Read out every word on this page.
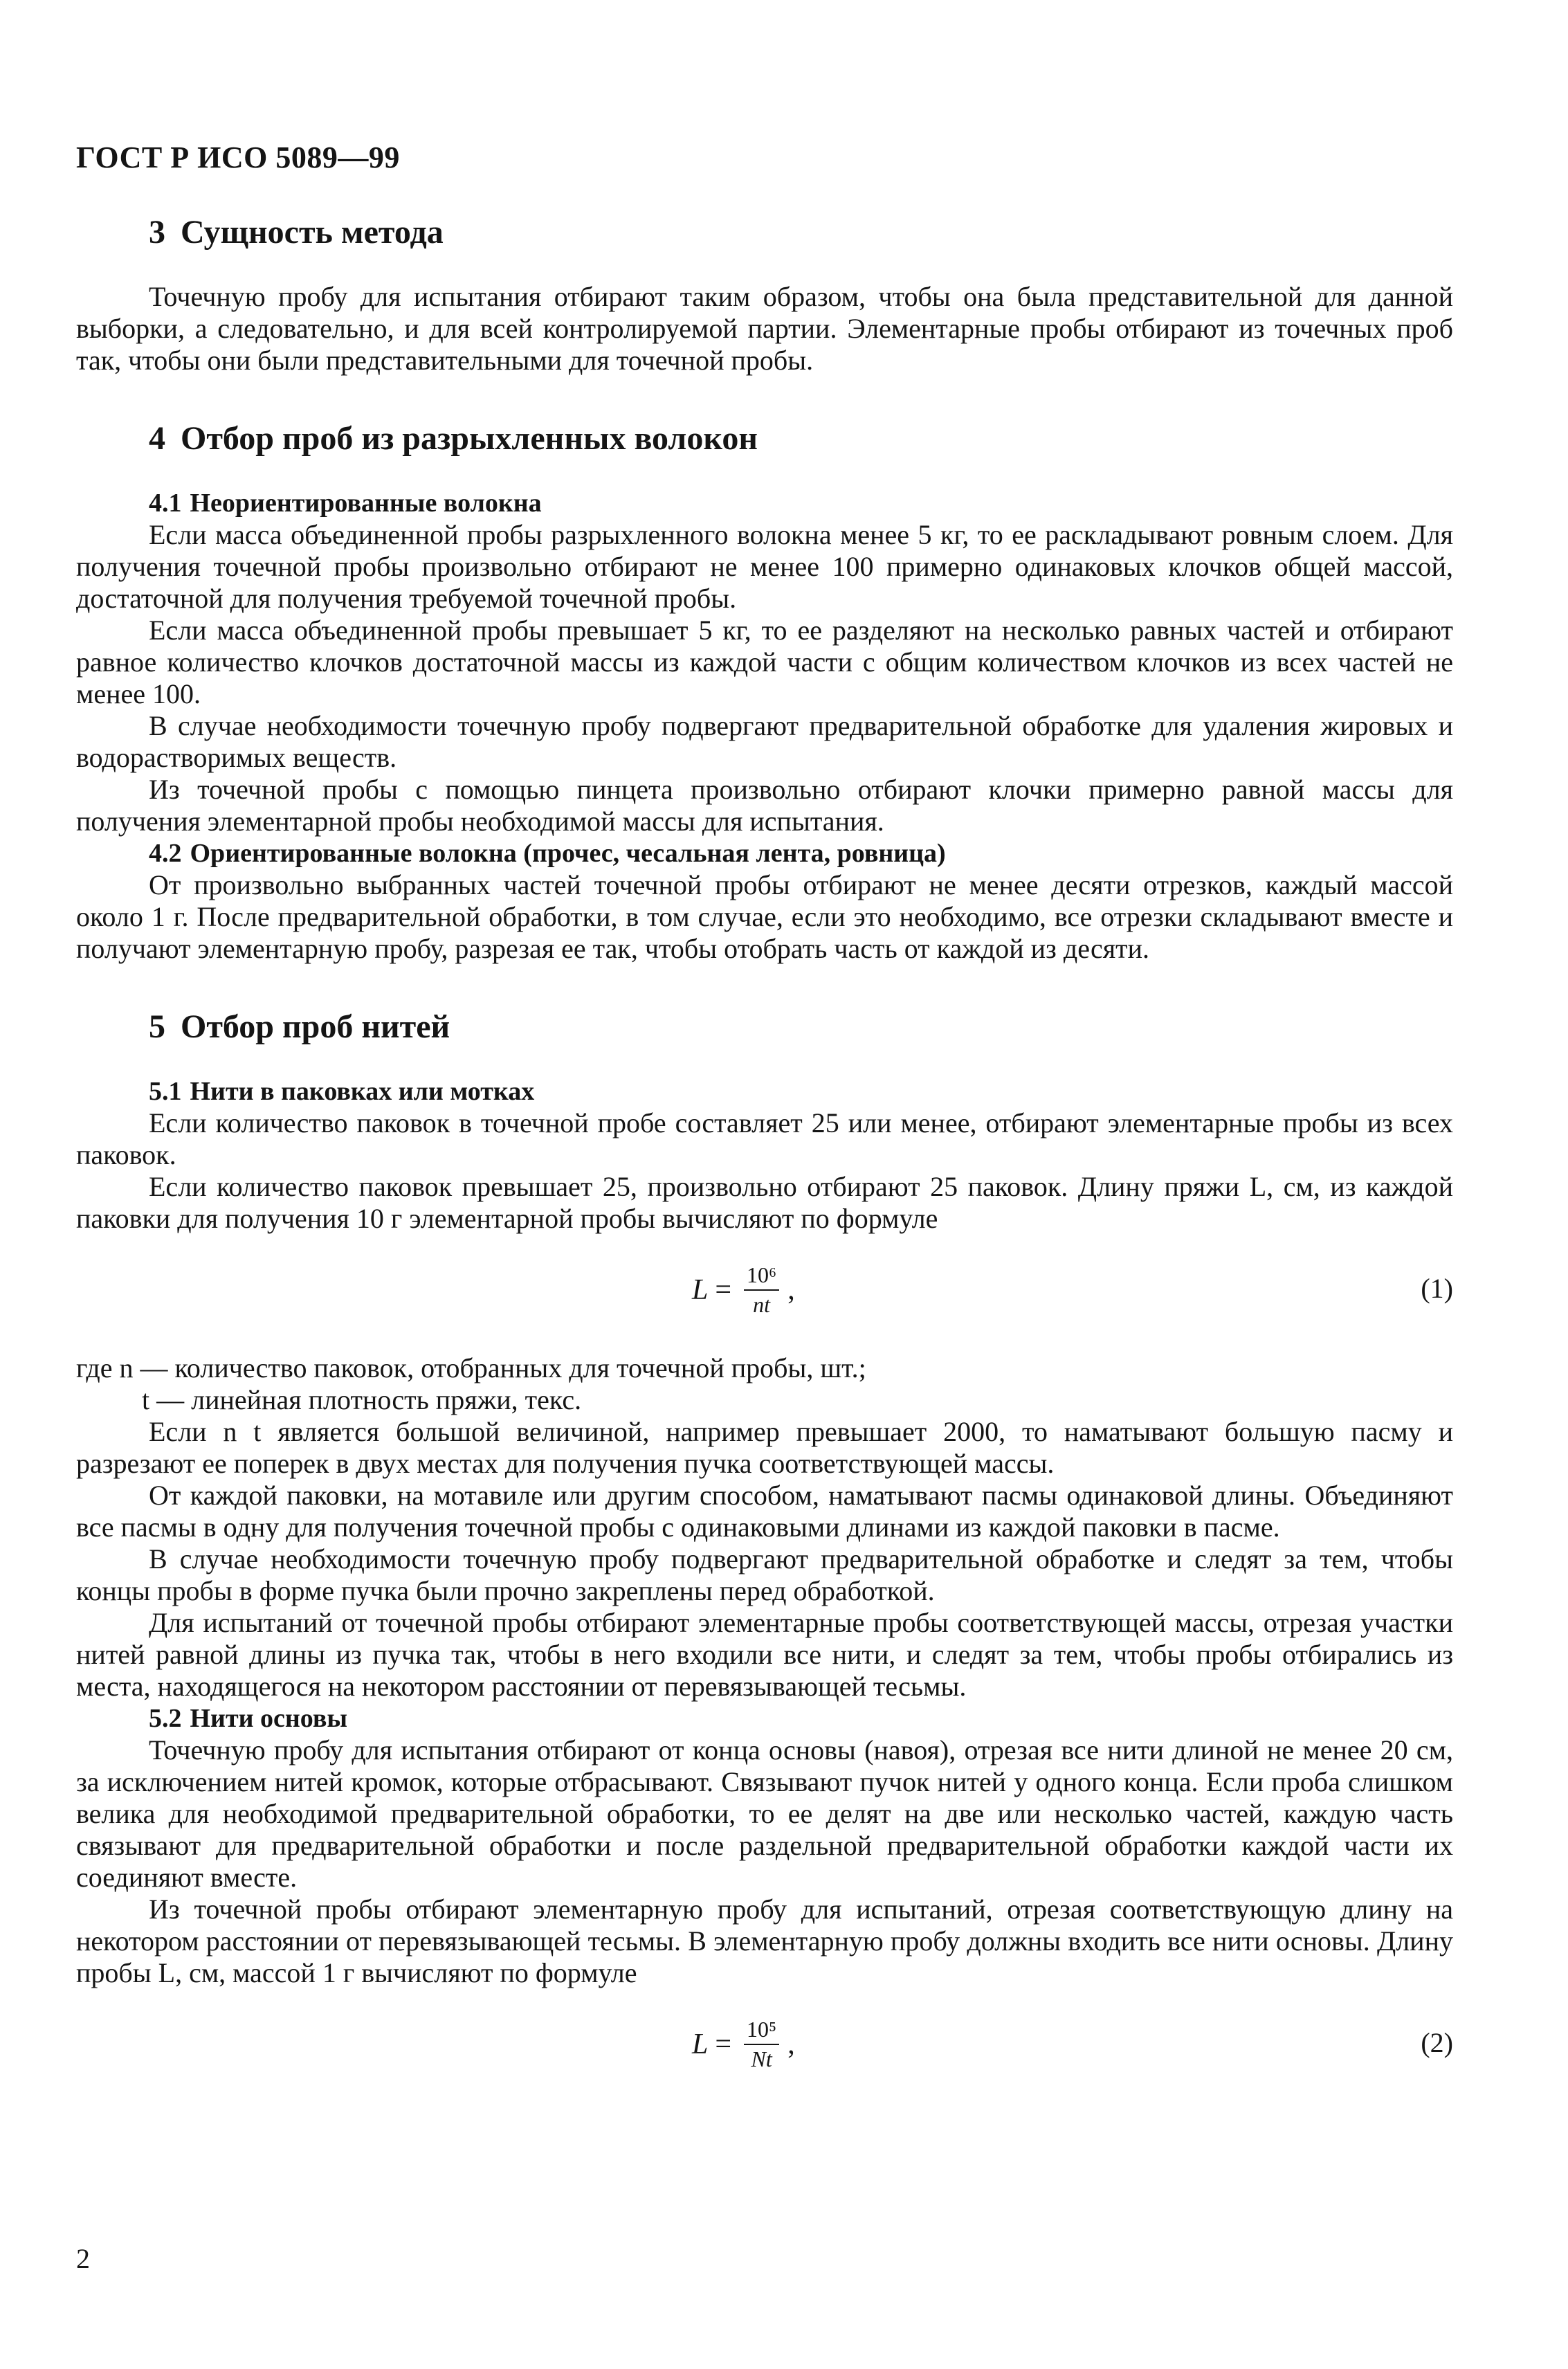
ГОСТ Р ИСО 5089—99
3 Сущность метода

Точечную пробу для испытания отбирают таким образом, чтобы она была представительной для данной выборки, а следовательно, и для всей контролируемой партии. Элементарные пробы отбирают из точечных проб так, чтобы они были представительными для точечной пробы.

4 Отбор проб из разрыхленных волокон
4.1 Неориентированные волокна

Если масса объединенной пробы разрыхленного волокна менее 5 кг, то ее раскладывают ровным слоем. Для получения точечной пробы произвольно отбирают не менее 100 примерно одинаковых клочков общей массой, достаточной для получения требуемой точечной пробы.

Если масса объединенной пробы превышает 5 кг, то ее разделяют на несколько равных частей и отбирают равное количество клочков достаточной массы из каждой части с общим количеством клочков из всех частей не менее 100.

В случае необходимости точечную пробу подвергают предварительной обработке для удаления жировых и водорастворимых веществ.

Из точечной пробы с помощью пинцета произвольно отбирают клочки примерно равной массы для получения элементарной пробы необходимой массы для испытания.

4.2 Ориентированные волокна (прочес, чесальная лента, ровница)

От произвольно выбранных частей точечной пробы отбирают не менее десяти отрезков, каждый массой около 1 г. После предварительной обработки, в том случае, если это необходимо, все отрезки складывают вместе и получают элементарную пробу, разрезая ее так, чтобы отобрать часть от каждой из десяти.

5 Отбор проб нитей
5.1 Нити в паковках или мотках

Если количество паковок в точечной пробе составляет 25 или менее, отбирают элементарные пробы из всех паковок.

Если количество паковок превышает 25, произвольно отбирают 25 паковок. Длину пряжи L, см, из каждой паковки для получения 10 г элементарной пробы вычисляют по формуле

$L = \frac{\text{10⁶}}{nt}$ ,	(1)

где n — количество паковок, отобранных для точечной пробы, шт.;

t — линейная плотность пряжи, текс.

Если n t является большой величиной, например превышает 2000, то наматывают большую пасму и разрезают ее поперек в двух местах для получения пучка соответствующей массы.

От каждой паковки, на мотавиле или другим способом, наматывают пасмы одинаковой длины. Объединяют все пасмы в одну для получения точечной пробы с одинаковыми длинами из каждой паковки в пасме.

В случае необходимости точечную пробу подвергают предварительной обработке и следят за тем, чтобы концы пробы в форме пучка были прочно закреплены перед обработкой.

Для испытаний от точечной пробы отбирают элементарные пробы соответствующей массы, отрезая участки нитей равной длины из пучка так, чтобы в него входили все нити, и следят за тем, чтобы пробы отбирались из места, находящегося на некотором расстоянии от перевязывающей тесьмы.

5.2 Нити основы

Точечную пробу для испытания отбирают от конца основы (навоя), отрезая все нити длиной не менее 20 см, за исключением нитей кромок, которые отбрасывают. Связывают пучок нитей у одного конца. Если проба слишком велика для необходимой предварительной обработки, то ее делят на две или несколько частей, каждую часть связывают для предварительной обработки и после раздельной предварительной обработки каждой части их соединяют вместе.

Из точечной пробы отбирают элементарную пробу для испытаний, отрезая соответствующую длину на некотором расстоянии от перевязывающей тесьмы. В элементарную пробу должны входить все нити основы. Длину пробы L, см, массой 1 г вычисляют по формуле

$L = \frac{\text{10⁵}}{Nt}$ ,	(2)
2
